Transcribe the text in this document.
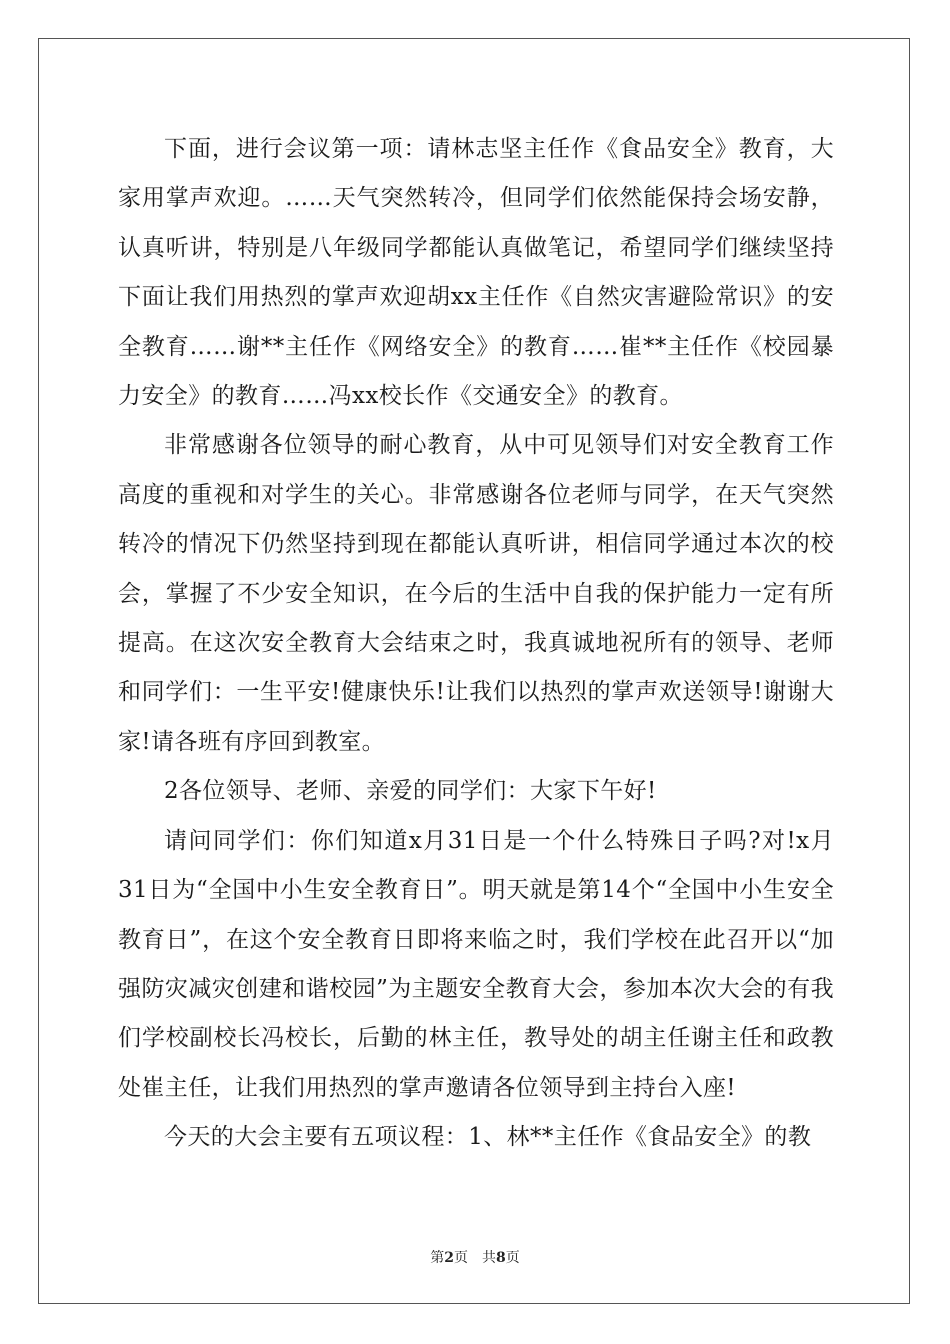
下面，进行会议第一项：请林志坚主任作《食品安全》教育，大家用掌声欢迎。……天气突然转冷，但同学们依然能保持会场安静，认真听讲，特别是八年级同学都能认真做笔记，希望同学们继续坚持下面让我们用热烈的掌声欢迎胡xx主任作《自然灾害避险常识》的安全教育……谢**主任作《网络安全》的教育……崔**主任作《校园暴力安全》的教育……冯xx校长作《交通安全》的教育。

非常感谢各位领导的耐心教育，从中可见领导们对安全教育工作高度的重视和对学生的关心。非常感谢各位老师与同学，在天气突然转冷的情况下仍然坚持到现在都能认真听讲，相信同学通过本次的校会，掌握了不少安全知识，在今后的生活中自我的保护能力一定有所提高。在这次安全教育大会结束之时，我真诚地祝所有的领导、老师和同学们：一生平安!健康快乐!让我们以热烈的掌声欢送领导!谢谢大家!请各班有序回到教室。

2各位领导、老师、亲爱的同学们：大家下午好!

请问同学们：你们知道x月31日是一个什么特殊日子吗?对!x月31日为“全国中小生安全教育日”。明天就是第14个“全国中小生安全教育日”，在这个安全教育日即将来临之时，我们学校在此召开以“加强防灾减灾创建和谐校园”为主题安全教育大会，参加本次大会的有我们学校副校长冯校长，后勤的林主任，教导处的胡主任谢主任和政教处崔主任，让我们用热烈的掌声邀请各位领导到主持台入座!

今天的大会主要有五项议程：1、林**主任作《食品安全》的教

第2页 共8页
